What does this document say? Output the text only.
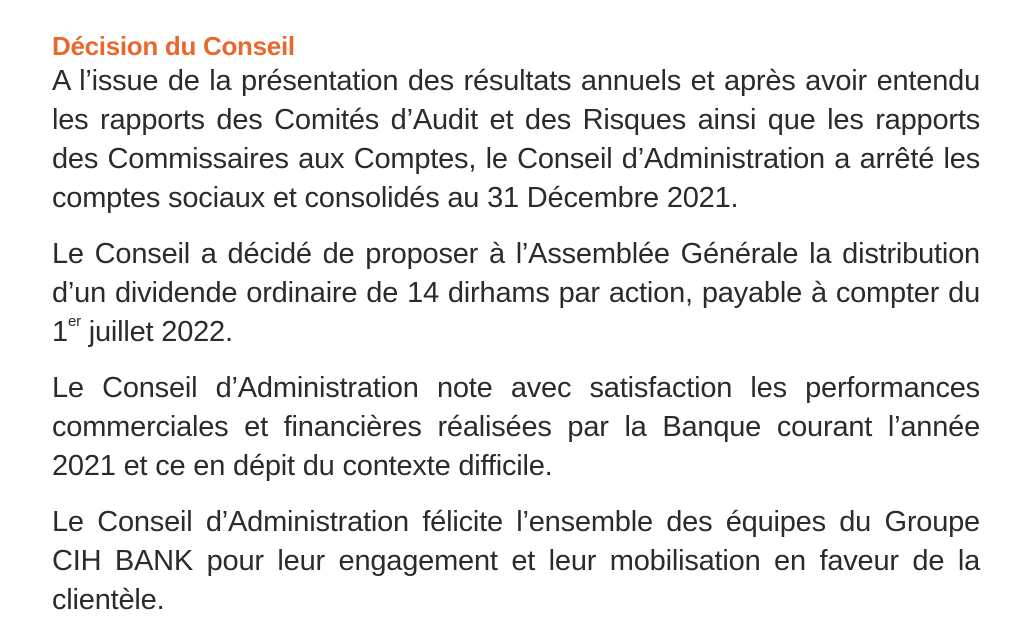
Décision du Conseil

A l’issue de la présentation des résultats annuels et après avoir entendu les rapports des Comités d’Audit et des Risques ainsi que les rapports des Commissaires aux Comptes, le Conseil d’Administration a arrêté les comptes sociaux et consolidés au 31 Décembre 2021.

Le Conseil a décidé de proposer à l’Assemblée Générale la distribution d’un dividende ordinaire de 14 dirhams par action, payable à compter du 1er juillet 2022.

Le Conseil d’Administration note avec satisfaction les performances commerciales et financières réalisées par la Banque courant l’année 2021 et ce en dépit du contexte difficile.

Le Conseil d’Administration félicite l’ensemble des équipes du Groupe CIH BANK pour leur engagement et leur mobilisation en faveur de la clientèle.
